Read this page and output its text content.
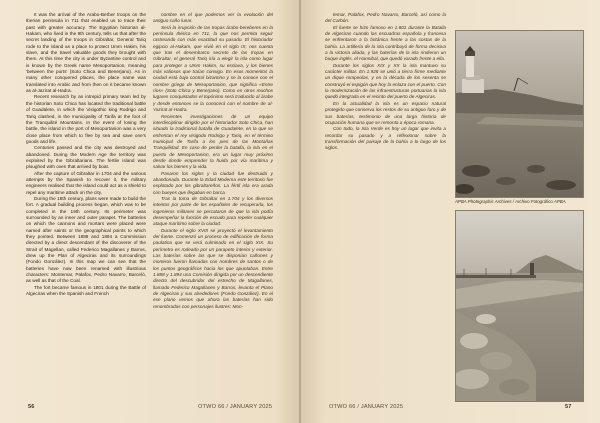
It was the arrival of the Arabo-Berber troops on the Iberian peninsula in 711 that enabled us to trace their past with greater accuracy. The Egyptian historian al-Hakam, who lived in the 9th century, tells us that after the secret landing of the troops in Gibraltar, General Tariq rode to the island as a place to protect Umm Hakim, his slave, and the travel valuable goods they brought with them. At this time the city is under Byzantine control and is known by the Greek name Mesoportanion, meaning 'between the ports' (Soto Chica and Benerjano). As in many other conquered places, the place name was translated into Arabic and from then on it became known as al-Jazirat al-Hadra.

Recent research by an intrepid primary team led by the historian Soto Chica has located the traditional battle of Guadalete, in which the Visigothic king Rodrigo and Tariq clashed, in the municipality of Tarifa at the foot of the Tranquilité Mountains. In the event of losing the battle, the island in the port of Mesoportanion was a very close place from which to flee by sea and save one's goods and life.

Centuries passed and the city was destroyed and abandoned. During the Modern Age the territory was exploited by the Gibraltarians. The fertile island was ploughed with oxen that arrived by boat.

After the capture of Gibraltar in 1704 and the various attempts by the Spanish to recover it, the military engineers realised that the island could act as a shield to repel any maritime attack on the city.

During the 18th century, plans were made to build the fort. A gradual building process began, which was to be completed in the 19th century. Its perimeter was surrounded by an inner and outer parapet. The batteries on which the cannons and mortars were placed were named after saints or the geographical points to which they pointed. Between 1888 and 1894 a Commission directed by a direct descendant of the discoverer of the Strait of Magellan, called Federico Magallanes y Barros, drew up the Plan of Algeciras and its surroundings (Fondo González). In this map we can see that the batteries have now been renamed with illustrious characters: Montemar, Palafox, Pedro Navarro, Barceló, as well as that of the Coal.

The fort became famous in 1801 during the Battle of Algeciras when the Spanish and French

nombre en el que podemos ver la evolución del antiguo caño lunar.

Será la irrupción de las tropas árabo-bereberes en la península Ibérica en 711, la que nos permita seguir rastreando con más exactitud su pasado. El historiador egipcio al-Hakam, que vivió en el siglo IX, nos cuenta que tras el desembarco secreto de las tropas en Gibraltar, el general Tariq iría a elegir la isla como lugar para proteger a Umm Hakim, su esclava, y los bienes más valiosos que traían consigo. En esos momentos la ciudad está bajo control bizantino y se la conoce con el nombre griego de Mesoportanion, que significa «Entre ríos» (Soto Chica y Benerjano). Como en otros muchos lugares conquistados el topónimo será traducido al árabe y desde entonces se la conocerá con el nombre de al-Yazirat al-Hadra.

Recientes investigaciones de un equipo interdisciplinar dirigido por el historiador Soto Chica, han situado la tradicional batalla de Guadalete, en la que se enfrentan el rey visigodo Rodrigo y Tariq, en el término municipal de Tarifa a los pies de las Montañas Tranquilidad. En caso de perder la batalla, la isla en el puerto de Mesoportanion, era un lugar muy próximo desde donde emprender la huida por vía marítima y salvar los bienes y la vida.

Pasaron los siglos y la ciudad fue destruida y abandonada. Durante la Edad Moderna este territorio fue explotado por los gibraltareños. La fértil isla era arada con bueyes que llegaban en barca.

Tras la toma de Gibraltar en 1.704 y los diversos intentos por parte de los españoles de recuperarla, los ingenieros militares se percataron de que la isla podía desempeñar la función de escudo para repeler cualquier ataque marítimo sobre la ciudad.

Durante el siglo XVIII se proyectó el levantamiento del fuerte. Comenzó un proceso de edificación de forma paulatina que se verá culminado en el siglo XIX. Su perímetro es rodeado por un parapeto interior y exterior. Las baterías sobre las que se disponían cañones y morteros fueron llamadas con nombres de santos o de los puntos geográficos hacia los que apuntaban. Entre 1.888 y 1.894 una Comisión dirigida por un descendiente directo del descubridor del estrecho de Magallanes, llamado Federico Magallanes y Barros, levanta el Plano de Algeciras y sus alrededores (Fondo González). En el ese plano vemos que ahora las baterías han sido renombradas con personajes ilustres: Mon-

56	OTWO 66 / JANUARY 2025

temar, Palafox, Pedro Navarro, Barceló, así como la del Carbón.

El fuerte se hizo famoso en 1.801 durante la Batalla de Algeciras cuando las escuadras española y francesa se enfrentaron a la británica frente a las costas de la bahía. La artillería de la isla contribuyó de forma decisiva a la victoria aliada, y las baterías de la isla rindieron un buque inglés, el Hannibal, que quedó varado frente a ella.

Durante los siglos XIX y XX la isla mantuvo su carácter militar. En 1.928 se unió a tierra firme mediante un dique rompeolas, y en la década de los sesenta se construyó el espigón que hoy la enlaza con el puerto. Con la modernización de las infraestructuras portuarias la isla quedó integrada en el recinto del puerto de Algeciras.

En la actualidad la isla es un espacio natural protegido que conserva los restos de su antiguo faro y de sus baterías, testimonio de una larga historia de ocupación humana que se remonta a época romana.

Con todo, la Isla Verde es hoy un lugar que invita a recordar su pasado y a reflexionar sobre la transformación del paisaje de la bahía a lo largo de los siglos.

APBA Photographic Archives / Archivo Fotográfico APBA
OTWO 66 / JANUARY 2025	57
